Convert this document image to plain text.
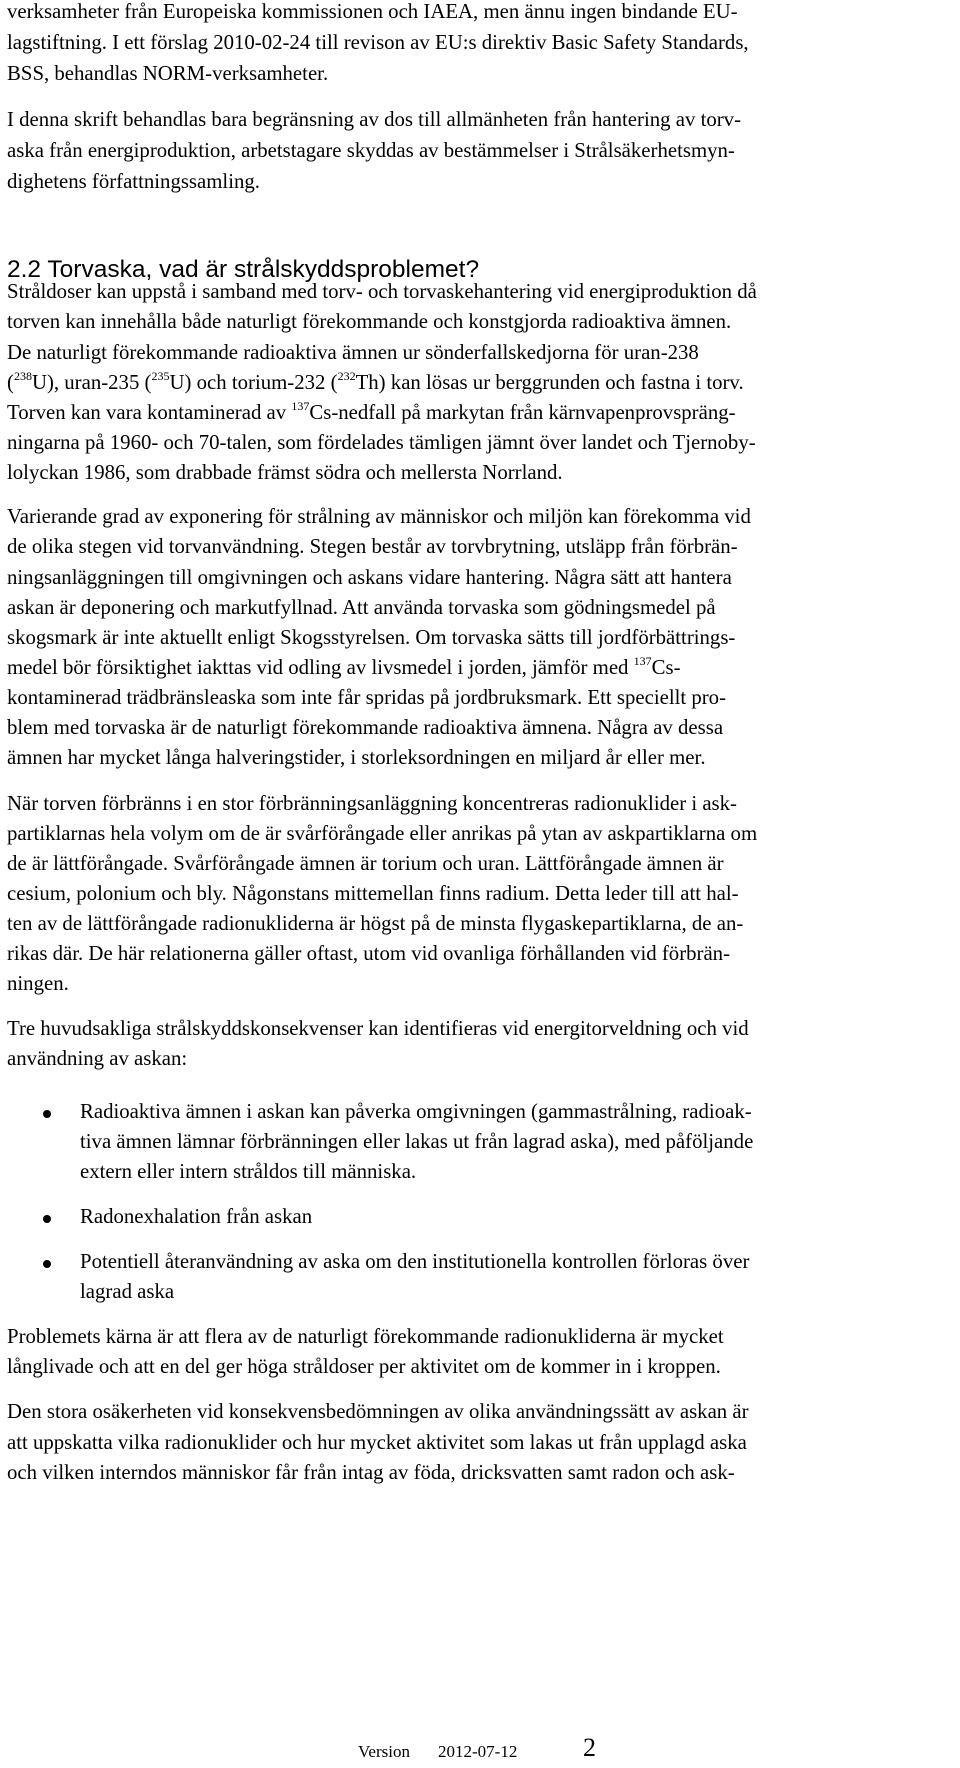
verksamheter från Europeiska kommissionen och IAEA, men ännu ingen bindande EU-
lagstiftning. I ett förslag 2010-02-24 till revison av EU:s direktiv Basic Safety Standards,
BSS, behandlas NORM-verksamheter.
I denna skrift behandlas bara begränsning av dos till allmänheten från hantering av torv-
aska från energiproduktion, arbetstagare skyddas av bestämmelser i Strålsäkerhetsmyn-
dighetens författningssamling.
2.2 Torvaska, vad är strålskyddsproblemet?
Stråldoser kan uppstå i samband med torv- och torvaskehantering vid energiproduktion då
torven kan innehålla både naturligt förekommande och konstgjorda radioaktiva ämnen.
De naturligt förekommande radioaktiva ämnen ur sönderfallskedjorna för uran-238
($^{238}$U), uran-235 ($^{235}$U) och torium-232 ($^{232}$Th) kan lösas ur berggrunden och fastna i torv.
Torven kan vara kontaminerad av $^{137}$Cs-nedfall på markytan från kärnvapenprovspräng-
ningarna på 1960- och 70-talen, som fördelades tämligen jämnt över landet och Tjernoby-
lolyckan 1986, som drabbade främst södra och mellersta Norrland.
Varierande grad av exponering för strålning av människor och miljön kan förekomma vid
de olika stegen vid torvanvändning. Stegen består av torvbrytning, utsläpp från förbrän-
ningsanläggningen till omgivningen och askans vidare hantering. Några sätt att hantera
askan är deponering och markutfyllnad. Att använda torvaska som gödningsmedel på
skogsmark är inte aktuellt enligt Skogsstyrelsen. Om torvaska sätts till jordförbättrings-
medel bör försiktighet iakttas vid odling av livsmedel i jorden, jämför med $^{137}$Cs-
kontaminerad trädbränsleaska som inte får spridas på jordbruksmark. Ett speciellt pro-
blem med torvaska är de naturligt förekommande radioaktiva ämnena. Några av dessa
ämnen har mycket långa halveringstider, i storleksordningen en miljard år eller mer.
När torven förbränns i en stor förbränningsanläggning koncentreras radionuklider i ask-
partiklarnas hela volym om de är svårförångade eller anrikas på ytan av askpartiklarna om
de är lättförångade. Svårförångade ämnen är torium och uran. Lättförångade ämnen är
cesium, polonium och bly. Någonstans mittemellan finns radium. Detta leder till att hal-
ten av de lättförångade radionukliderna är högst på de minsta flygaskepartiklarna, de an-
rikas där. De här relationerna gäller oftast, utom vid ovanliga förhållanden vid förbrän-
ningen.
Tre huvudsakliga strålskyddskonsekvenser kan identifieras vid energitorveldning och vid
användning av askan:
Radioaktiva ämnen i askan kan påverka omgivningen (gammastrålning, radioak-
tiva ämnen lämnar förbränningen eller lakas ut från lagrad aska), med påföljande
extern eller intern stråldos till människa.
Radonexhalation från askan
Potentiell återanvändning av aska om den institutionella kontrollen förloras över
lagrad aska
Problemets kärna är att flera av de naturligt förekommande radionukliderna är mycket
långlivade och att en del ger höga stråldoser per aktivitet om de kommer in i kroppen.
Den stora osäkerheten vid konsekvensbedömningen av olika användningssätt av askan är
att uppskatta vilka radionuklider och hur mycket aktivitet som lakas ut från upplagd aska
och vilken interndos människor får från intag av föda, dricksvatten samt radon och ask-
Version 2012-07-12	2
